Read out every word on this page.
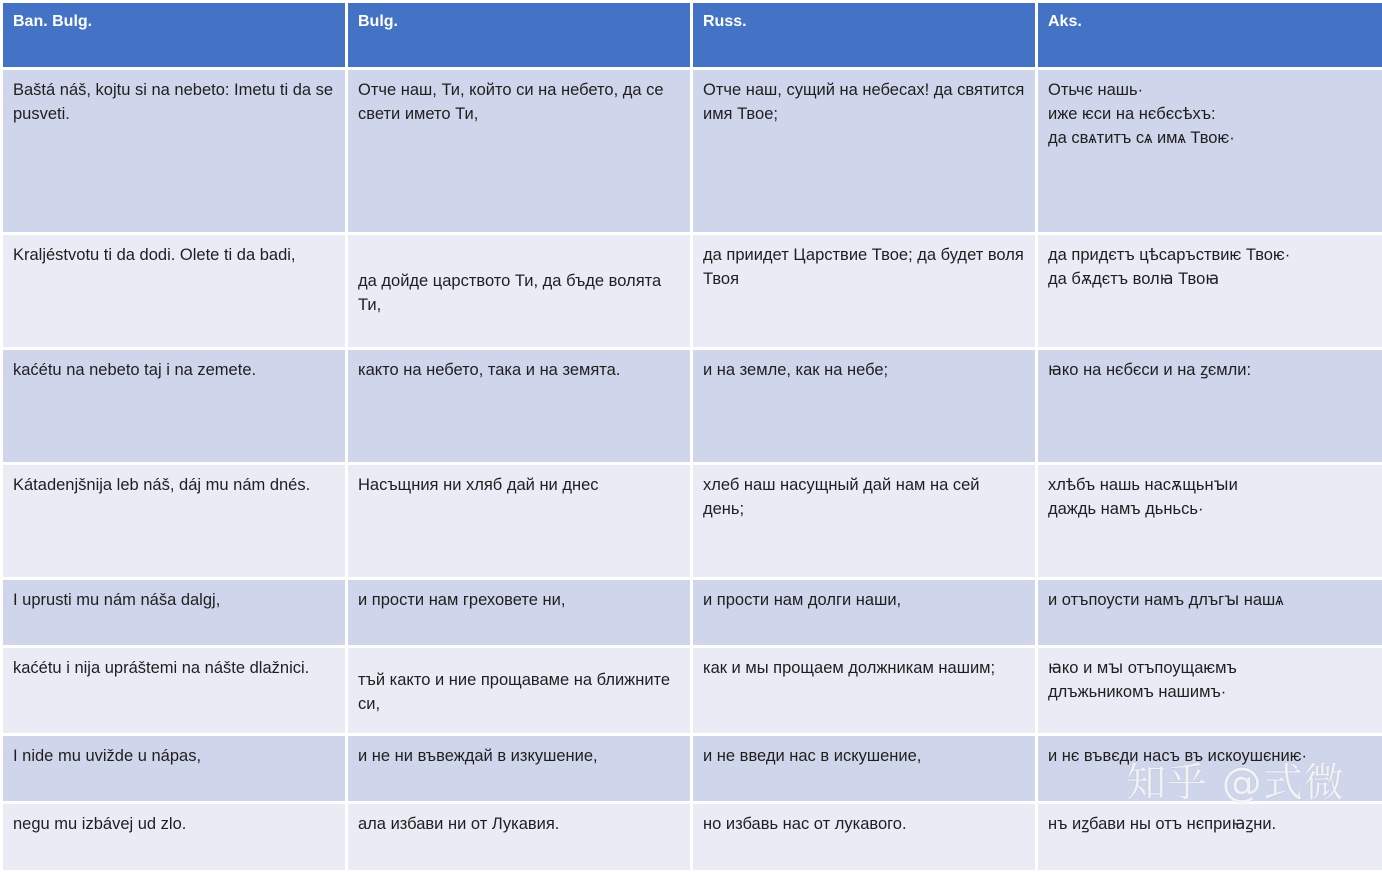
Ban. Bulg.	Bulg.	Russ.	Aks.
Baštá náš, kojtu si na nebeto: Imetu ti da se pusveti.	Отче наш, Ти, който си на небето, да се свети името Ти,	Отче наш, сущий на небесах! да святится имя Твое;	Отьчє нашь·
иже ѥси на нєбєсѣхъ:
да свѧтитъ сѧ имѧ Твоѥ·

Kraljéstvotu ti da dodi. Olete ti da badi,	да дойде царството Ти, да бъде волята Ти,	да приидет Царствие Твое; да будет воля Твоя	да придєтъ цѣсаръствиѥ Твоѥ·
да бѫдєтъ волꙗ Твоꙗ

kaćétu na nebeto taj i na zemete.	както на небето, така и на земята.	и на земле, как на небе;	ꙗко на нєбєси и на ꙁємли:

Kátadenjšnija leb náš, dáj mu nám dnés.	Насъщния ни хляб дай ни днес	хлеб наш насущный дай нам на сей день;	хлѣбъ нашь насѫщьнꙑи
даждь намъ дьньсь·

I uprusti mu nám náša dalgj,	и прости нам греховете ни,	и прости нам долги наши,	и отъпоусти намъ длъгꙑ нашѧ

kaćétu i nija upráštemi na nášte dlažnici.	тъй както и ние прощаваме на ближните си,	как и мы прощаем должникам нашим;	ꙗко и мꙑ отъпоущаѥмъ
длъжьникомъ нашимъ·

I nide mu uvižde u nápas,	и не ни въвеждай в изкушение,	и не введи нас в искушение,	и нє въвєди насъ въ искоушєниѥ·

negu mu izbávej ud zlo.	ала избави ни от Лукавия.	но избавь нас от лукавого.	нъ иꙁбави ны отъ нєприꙗꙁни.
知乎 @式微
